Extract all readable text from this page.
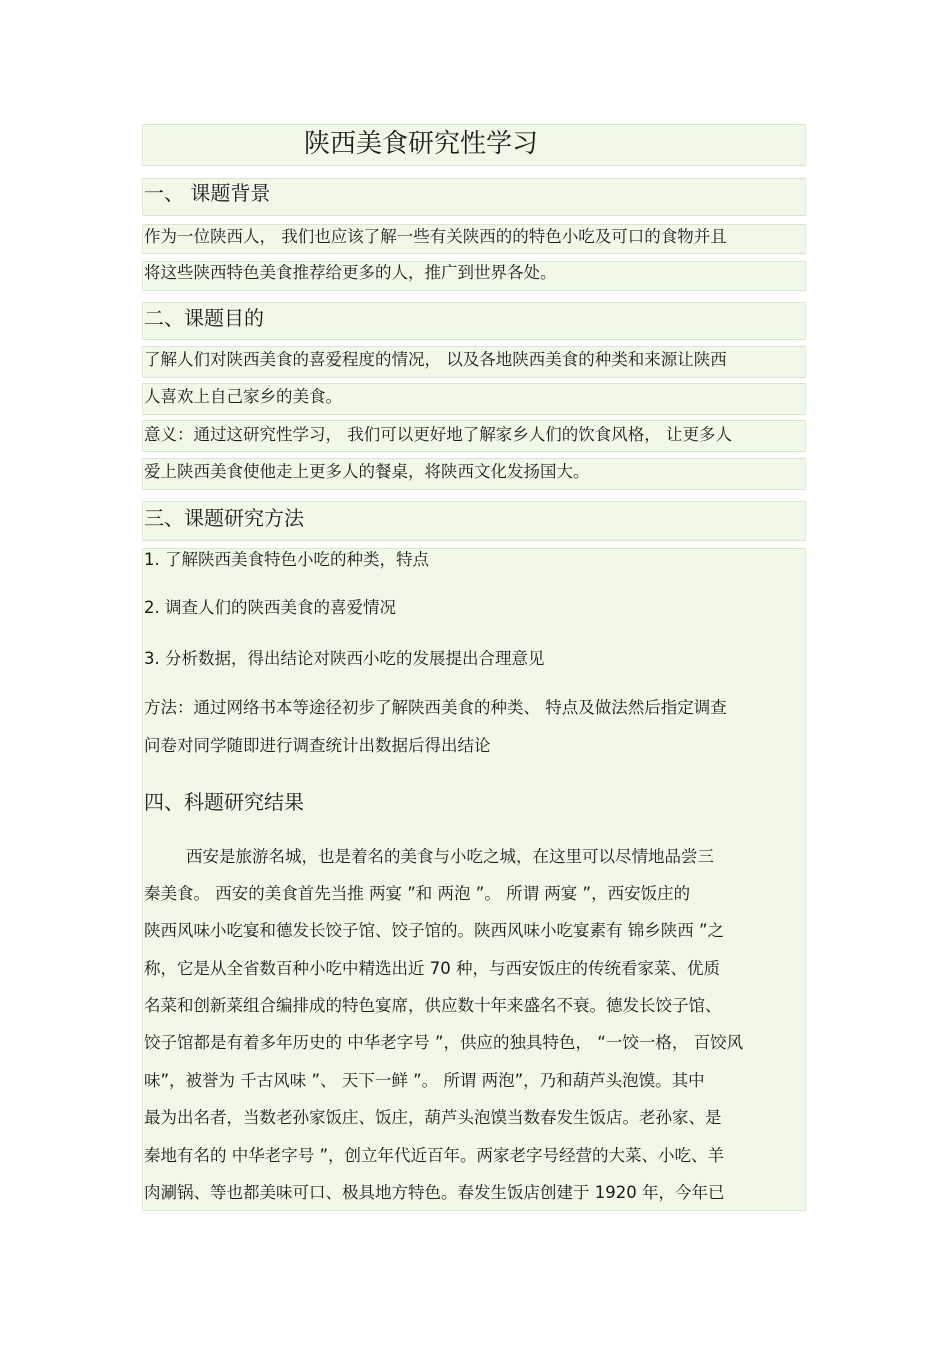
陕西美食研究性学习
一、 课题背景
作为一位陕西人， 我们也应该了解一些有关陕西的的特色小吃及可口的食物并且
将这些陕西特色美食推荐给更多的人，推广到世界各处。
二、课题目的
了解人们对陕西美食的喜爱程度的情况， 以及各地陕西美食的种类和来源让陕西
人喜欢上自己家乡的美食。
意义：通过这研究性学习， 我们可以更好地了解家乡人们的饮食风格， 让更多人
爱上陕西美食使他走上更多人的餐桌，将陕西文化发扬国大。
三、课题研究方法
1. 了解陕西美食特色小吃的种类，特点
2. 调查人们的陕西美食的喜爱情况
3. 分析数据，得出结论对陕西小吃的发展提出合理意见
方法：通过网络书本等途径初步了解陕西美食的种类、 特点及做法然后指定调查
问卷对同学随即进行调查统计出数据后得出结论
四、科题研究结果
西安是旅游名城，也是着名的美食与小吃之城，在这里可以尽情地品尝三
秦美食。 西安的美食首先当推 两宴 ”和 两泡 ”。 所谓 两宴 ”，西安饭庄的
陕西风味小吃宴和德发长饺子馆、饺子馆的。陕西风味小吃宴素有 锦乡陕西 ”之
称，它是从全省数百种小吃中精选出近 70 种，与西安饭庄的传统看家菜、优质
名菜和创新菜组合编排成的特色宴席，供应数十年来盛名不衰。德发长饺子馆、
饺子馆都是有着多年历史的 中华老字号 ”，供应的独具特色， “一饺一格， 百饺风
味”，被誉为 千古风味 ”、 天下一鲜 ”。 所谓 两泡”，乃和葫芦头泡馍。其中
最为出名者，当数老孙家饭庄、饭庄，葫芦头泡馍当数春发生饭店。老孙家、是
秦地有名的 中华老字号 ”，创立年代近百年。两家老字号经营的大菜、小吃、羊
肉涮锅、等也都美味可口、极具地方特色。春发生饭店创建于 1920 年，今年已
